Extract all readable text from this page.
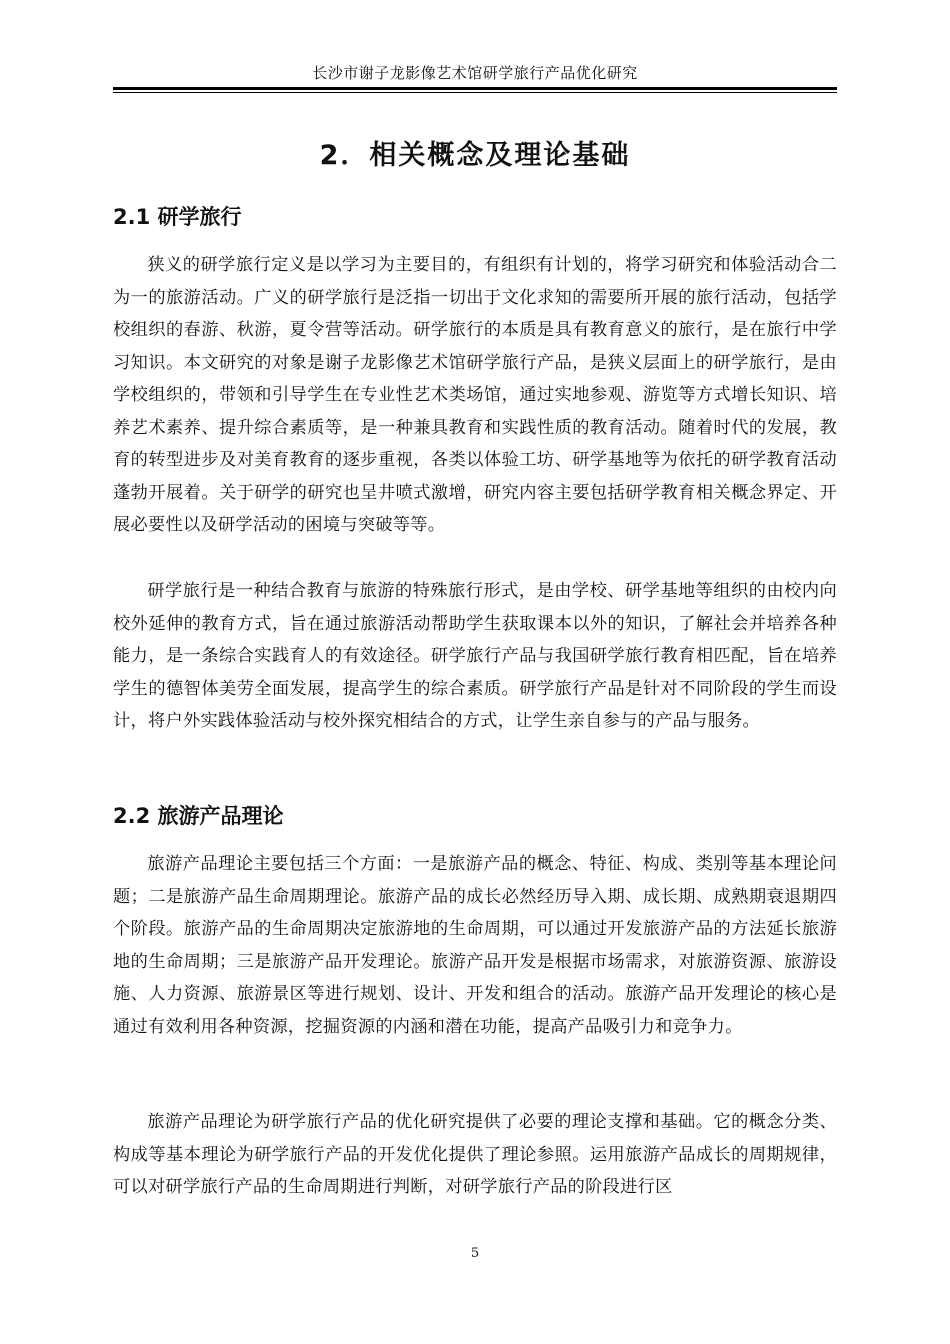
长沙市谢子龙影像艺术馆研学旅行产品优化研究
2．相关概念及理论基础
2.1 研学旅行

狭义的研学旅行定义是以学习为主要目的，有组织有计划的，将学习研究和体验活动合二为一的旅游活动。广义的研学旅行是泛指一切出于文化求知的需要所开展的旅行活动，包括学校组织的春游、秋游，夏令营等活动。研学旅行的本质是具有教育意义的旅行，是在旅行中学习知识。本文研究的对象是谢子龙影像艺术馆研学旅行产品，是狭义层面上的研学旅行，是由学校组织的，带领和引导学生在专业性艺术类场馆，通过实地参观、游览等方式增长知识、培养艺术素养、提升综合素质等，是一种兼具教育和实践性质的教育活动。随着时代的发展，教育的转型进步及对美育教育的逐步重视，各类以体验工坊、研学基地等为依托的研学教育活动蓬勃开展着。关于研学的研究也呈井喷式激增，研究内容主要包括研学教育相关概念界定、开展必要性以及研学活动的困境与突破等等。

研学旅行是一种结合教育与旅游的特殊旅行形式，是由学校、研学基地等组织的由校内向校外延伸的教育方式，旨在通过旅游活动帮助学生获取课本以外的知识，了解社会并培养各种能力，是一条综合实践育人的有效途径。研学旅行产品与我国研学旅行教育相匹配，旨在培养学生的德智体美劳全面发展，提高学生的综合素质。研学旅行产品是针对不同阶段的学生而设计，将户外实践体验活动与校外探究相结合的方式，让学生亲自参与的产品与服务。

2.2 旅游产品理论

旅游产品理论主要包括三个方面：一是旅游产品的概念、特征、构成、类别等基本理论问题；二是旅游产品生命周期理论。旅游产品的成长必然经历导入期、成长期、成熟期衰退期四个阶段。旅游产品的生命周期决定旅游地的生命周期，可以通过开发旅游产品的方法延长旅游地的生命周期；三是旅游产品开发理论。旅游产品开发是根据市场需求，对旅游资源、旅游设施、人力资源、旅游景区等进行规划、设计、开发和组合的活动。旅游产品开发理论的核心是通过有效利用各种资源，挖掘资源的内涵和潜在功能，提高产品吸引力和竞争力。

旅游产品理论为研学旅行产品的优化研究提供了必要的理论支撑和基础。它的概念分类、构成等基本理论为研学旅行产品的开发优化提供了理论参照。运用旅游产品成长的周期规律，可以对研学旅行产品的生命周期进行判断，对研学旅行产品的阶段进行区

5
